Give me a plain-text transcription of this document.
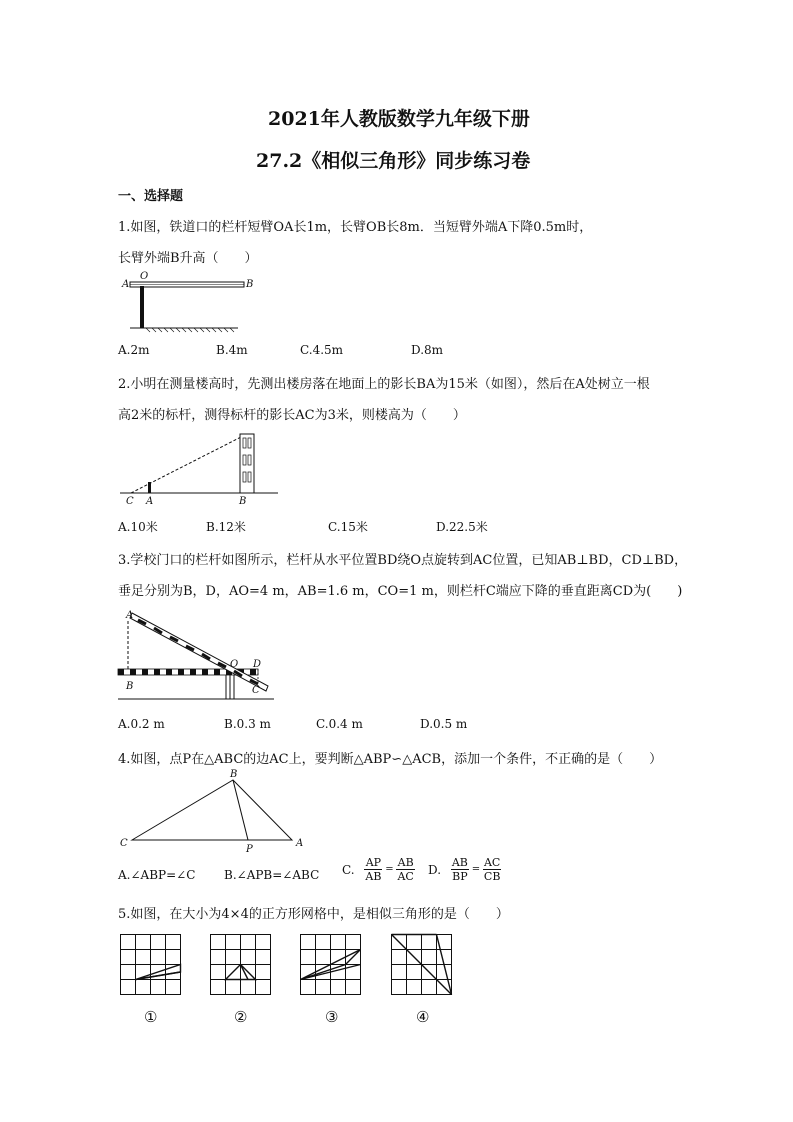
2021年人教版数学九年级下册
27.2《相似三角形》同步练习卷
一、选择题
1.如图，铁道口的栏杆短臂OA长1m，长臂OB长8m．当短臂外端A下降0.5m时，
长臂外端B升高（　　）
O
A	B
A.2m	B.4m	C.4.5m	D.8m
2.小明在测量楼高时，先测出楼房落在地面上的影长BA为15米（如图），然后在A处树立一根
高2米的标杆，测得标杆的影长AC为3米，则楼高为（　　）
C A	B
A.10米	B.12米	C.15米	D.22.5米
3.学校门口的栏杆如图所示，栏杆从水平位置BD绕O点旋转到AC位置，已知AB⊥BD，CD⊥BD，
垂足分别为B，D，AO=4 m，AB=1.6 m，CO=1 m，则栏杆C端应下降的垂直距离CD为(　　)
A
B
O D
C
A.0.2 m	B.0.3 m	C.0.4 m	D.0.5 m
4.如图，点P在△ABC的边AC上，要判断△ABP∽△ACB，添加一个条件，不正确的是（　　）
B
C	A
P
A.∠ABP=∠C B.∠APB=∠ABC C. $\frac{AP}{AB} = \frac{AB}{AC} D$. $\frac{AB}{BP} = \frac{AC}{CB}$
5.如图，在大小为4×4的正方形网格中，是相似三角形的是（　　）
①	②	③	④
